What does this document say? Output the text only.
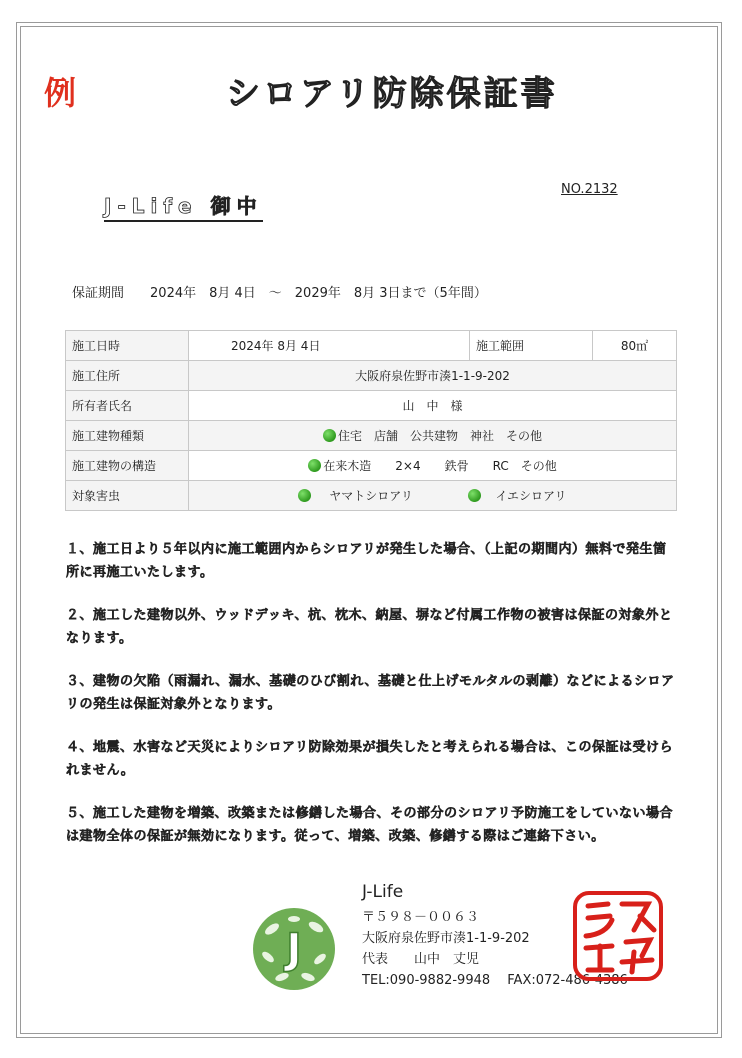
例	シロアリ防除保証書
J-Life 御中
NO.2132
保証期間　　 2024年　8月 4日　～　2029年　8月 3日まで（5年間）
施工日時	2024年 8月 4日	施工範囲	80㎡
施工住所	大阪府泉佐野市湊1-1-9-202		
所有者氏名	山　中　様		
施工建物種類	住宅　店舗　公共建物　神社　その他		
施工建物の構造	在来木造　　2×4　　鉄骨　　RC　その他		
対象害虫	　ヤマトシロアリ 　　　　 　 イエシロアリ		

１、施工日より５年以内に施工範囲内からシロアリが発生した場合、（上記の期間内）無料で発生箇所に再施工いたします。

２、施工した建物以外、ウッドデッキ、杭、枕木、納屋、塀など付属工作物の被害は保証の対象外となります。

３、建物の欠陥（雨漏れ、漏水、基礎のひび割れ、基礎と仕上げモルタルの剥離）などによるシロアリの発生は保証対象外となります。

４、地震、水害など天災によりシロアリ防除効果が損失したと考えられる場合は、この保証は受けられません。

５、施工した建物を増築、改築または修繕した場合、その部分のシロアリ予防施工をしていない場合は建物全体の保証が無効になります。従って、増築、改築、修繕する際はご連絡下さい。

J
J-Life
〒５９８－００６３
大阪府泉佐野市湊1-1-9-202
代表　　山中　丈児
TEL:090-9882-9948　 FAX:072-486-4386
